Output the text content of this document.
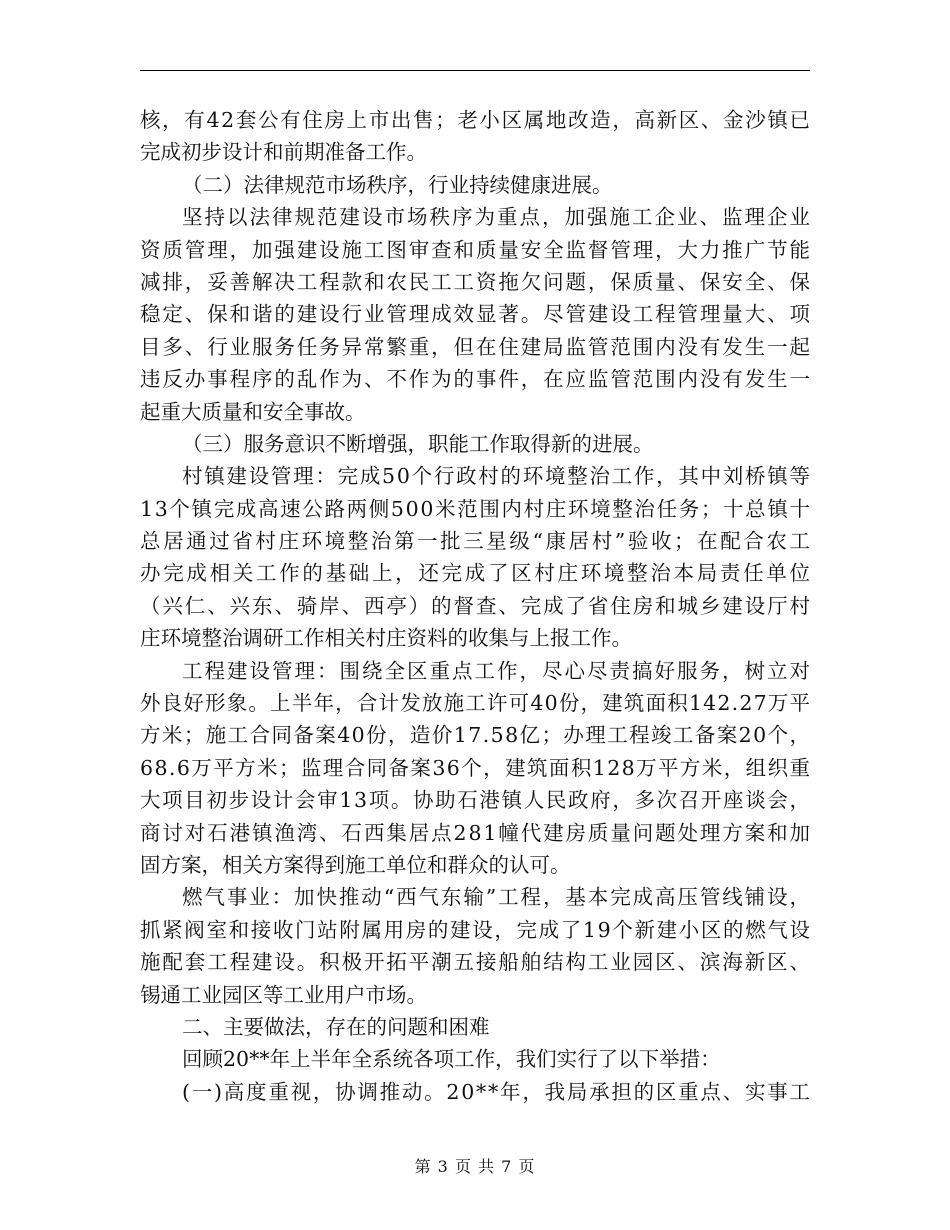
核，有42套公有住房上市出售；老小区属地改造，高新区、金沙镇已
完成初步设计和前期准备工作。
（二）法律规范市场秩序，行业持续健康进展。
坚持以法律规范建设市场秩序为重点，加强施工企业、监理企业
资质管理，加强建设施工图审查和质量安全监督管理，大力推广节能
减排，妥善解决工程款和农民工工资拖欠问题，保质量、保安全、保
稳定、保和谐的建设行业管理成效显著。尽管建设工程管理量大、项
目多、行业服务任务异常繁重，但在住建局监管范围内没有发生一起
违反办事程序的乱作为、不作为的事件，在应监管范围内没有发生一
起重大质量和安全事故。
（三）服务意识不断增强，职能工作取得新的进展。
村镇建设管理：完成50个行政村的环境整治工作，其中刘桥镇等
13个镇完成高速公路两侧500米范围内村庄环境整治任务；十总镇十
总居通过省村庄环境整治第一批三星级“康居村”验收；在配合农工
办完成相关工作的基础上，还完成了区村庄环境整治本局责任单位
（兴仁、兴东、骑岸、西亭）的督查、完成了省住房和城乡建设厅村
庄环境整治调研工作相关村庄资料的收集与上报工作。
工程建设管理：围绕全区重点工作，尽心尽责搞好服务，树立对
外良好形象。上半年，合计发放施工许可40份，建筑面积142.27万平
方米；施工合同备案40份，造价17.58亿；办理工程竣工备案20个，
68.6万平方米；监理合同备案36个，建筑面积128万平方米，组织重
大项目初步设计会审13项。协助石港镇人民政府，多次召开座谈会，
商讨对石港镇渔湾、石西集居点281幢代建房质量问题处理方案和加
固方案，相关方案得到施工单位和群众的认可。
燃气事业：加快推动“西气东输”工程，基本完成高压管线铺设，
抓紧阀室和接收门站附属用房的建设，完成了19个新建小区的燃气设
施配套工程建设。积极开拓平潮五接船舶结构工业园区、滨海新区、
锡通工业园区等工业用户市场。
二、主要做法，存在的问题和困难
回顾20**年上半年全系统各项工作，我们实行了以下举措：
(一)高度重视，协调推动。20**年，我局承担的区重点、实事工
第 3 页 共 7 页
